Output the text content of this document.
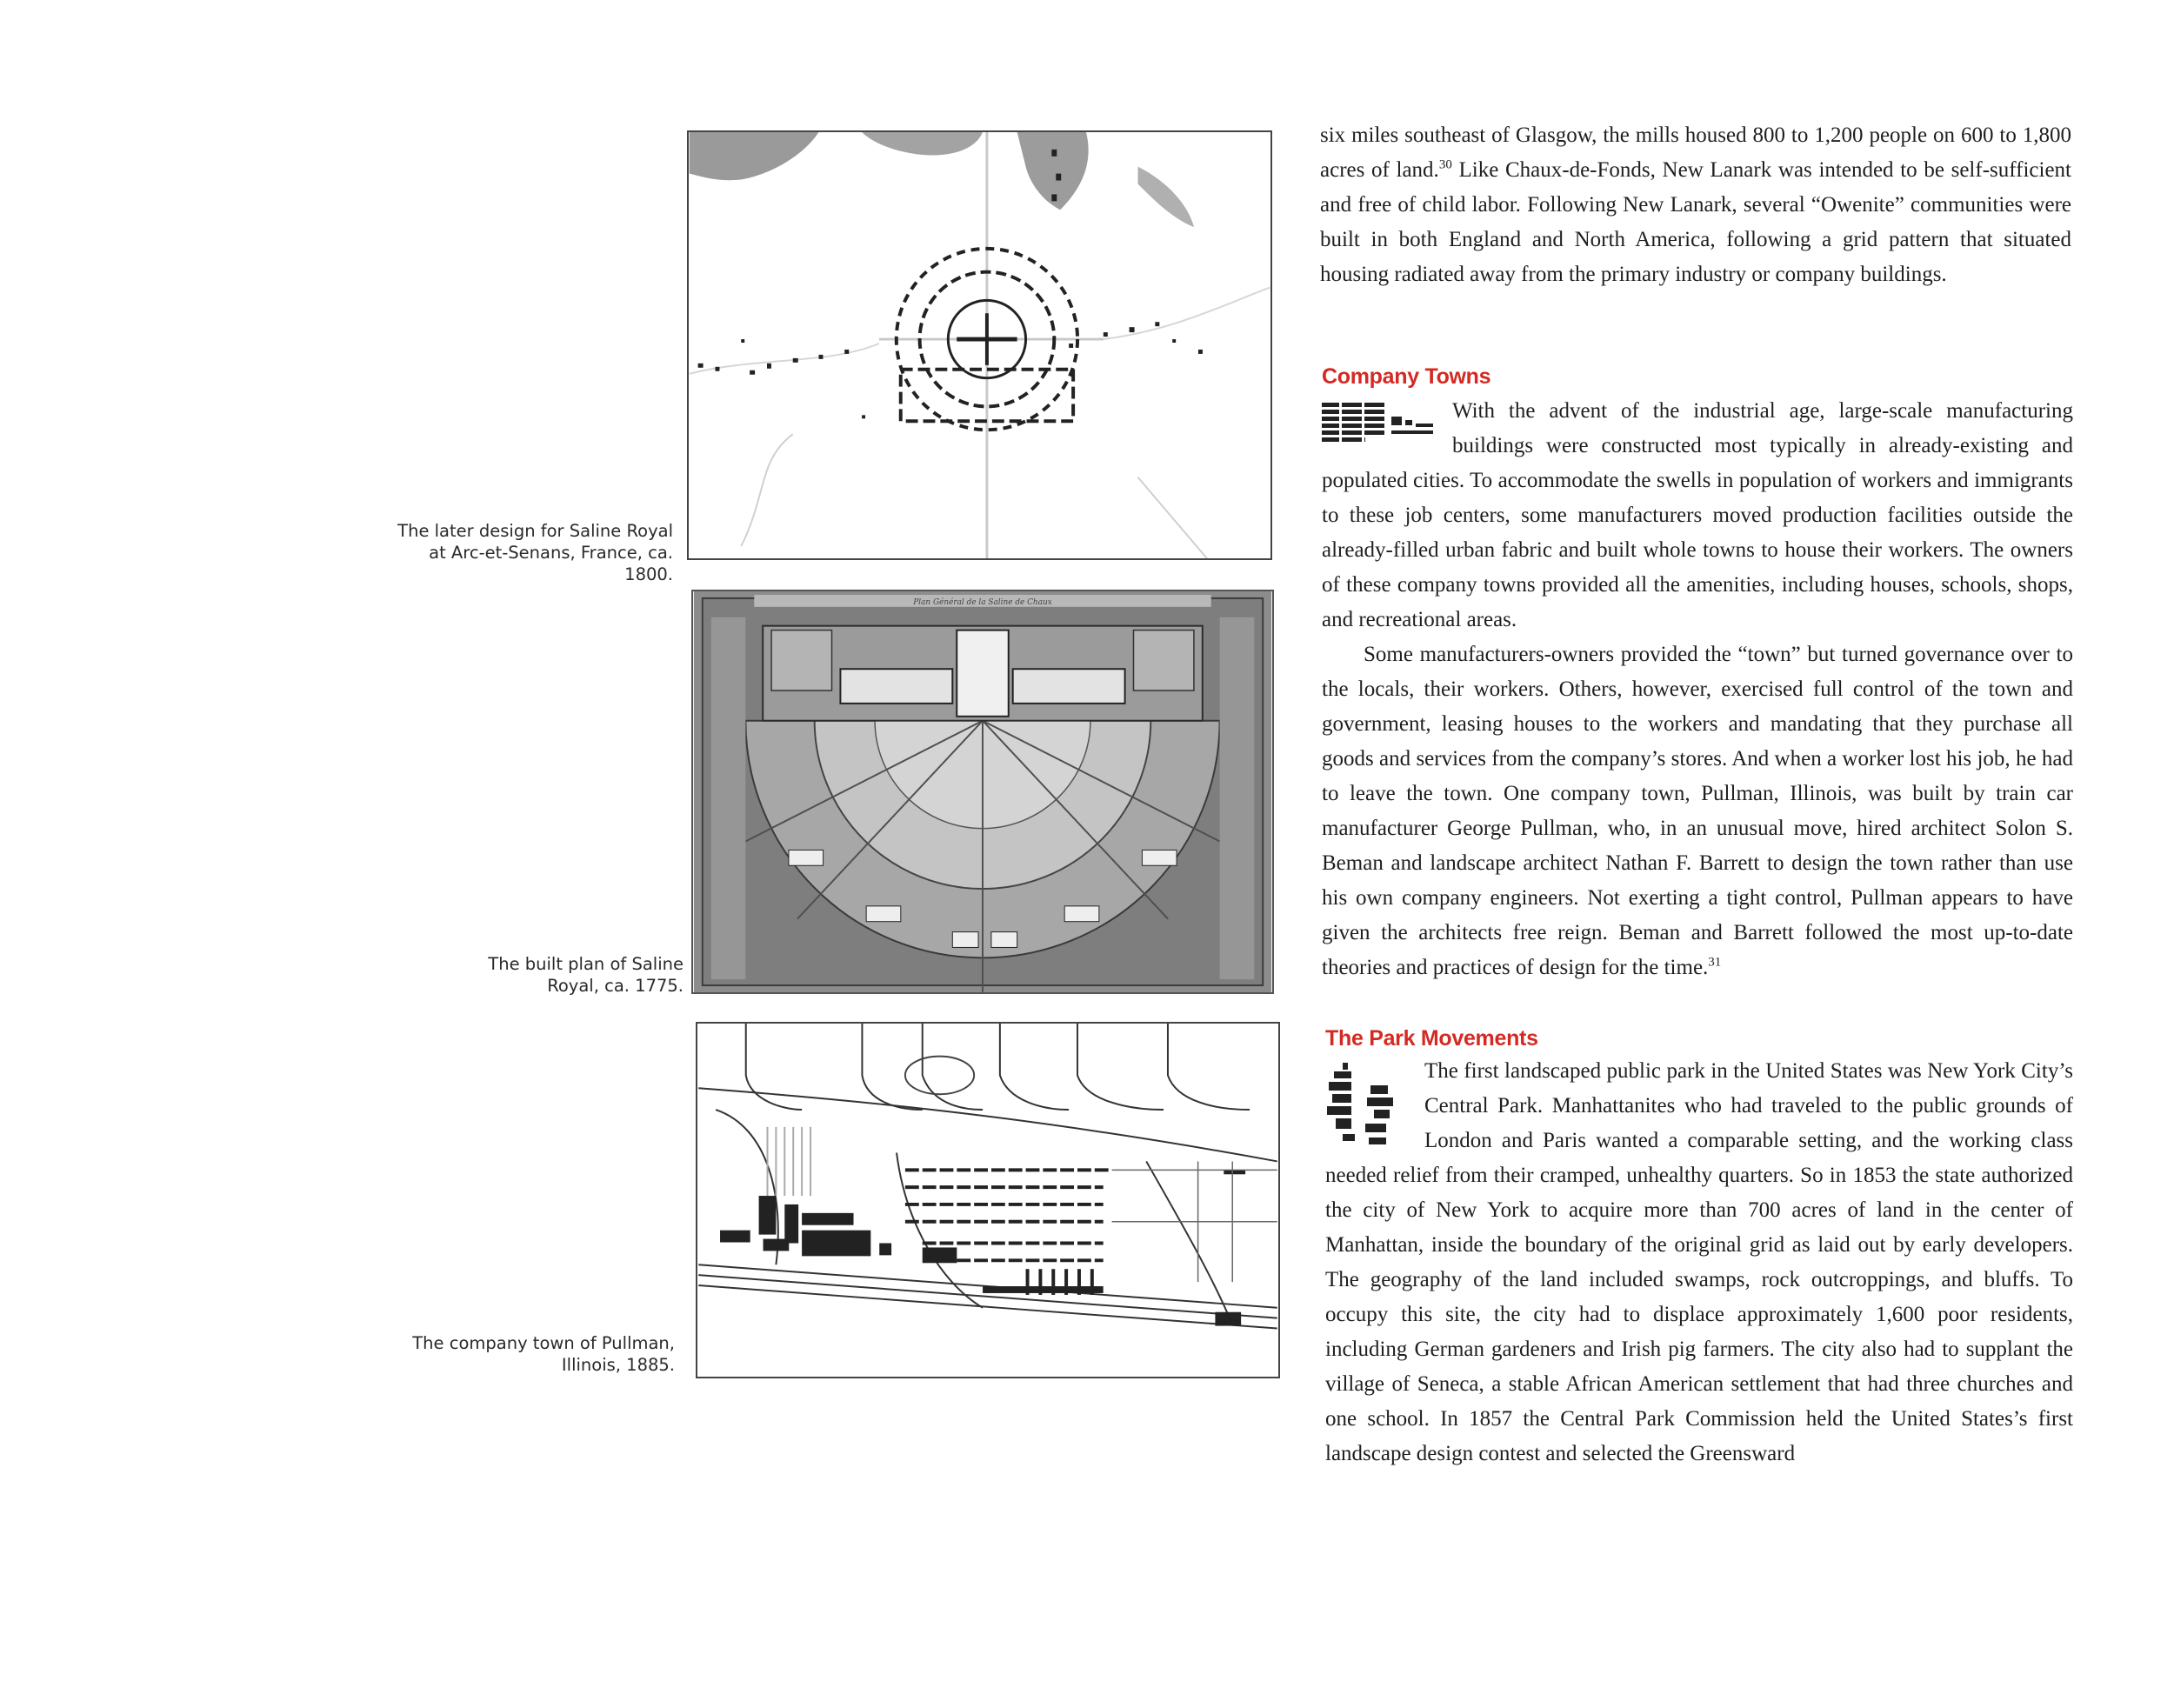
The later design for Saline Royal at Arc-et-Senans, France, ca. 1800.
Plan Général de la Saline de Chaux
The built plan of Saline Royal, ca. 1775.
The company town of Pullman, Illinois, 1885.

six miles southeast of Glasgow, the mills housed 800 to 1,200 people on 600 to 1,800 acres of land.$^{30}$ Like Chaux-de-Fonds, New Lanark was intended to be self-sufficient and free of child labor. Following New Lanark, several “Owenite” communities were built in both England and North America, following a grid pattern that situated housing radiated away from the primary industry or company buildings.

Company Towns

With the advent of the industrial age, large-scale manufacturing buildings were constructed most typically in already-existing and populated cities. To accommodate the swells in population of workers and immigrants to these job centers, some manufacturers moved production facilities outside the already-filled urban fabric and built whole towns to house their workers. The owners of these company towns provided all the amenities, including houses, schools, shops, and recreational areas.

Some manufacturers-owners provided the “town” but turned governance over to the locals, their workers. Others, however, exercised full control of the town and government, leasing houses to the workers and mandating that they purchase all goods and services from the company’s stores. And when a worker lost his job, he had to leave the town. One company town, Pullman, Illinois, was built by train car manufacturer George Pullman, who, in an unusual move, hired architect Solon S. Beman and landscape architect Nathan F. Barrett to design the town rather than use his own company engineers. Not exerting a tight control, Pullman appears to have given the architects free reign. Beman and Barrett followed the most up-to-date theories and practices of design for the time.$^{31}$

The Park Movements

The first landscaped public park in the United States was New York City’s Central Park. Manhattanites who had traveled to the public grounds of London and Paris wanted a comparable setting, and the working class needed relief from their cramped, unhealthy quarters. So in 1853 the state authorized the city of New York to acquire more than 700 acres of land in the center of Manhattan, inside the boundary of the original grid as laid out by early developers. The geography of the land included swamps, rock outcroppings, and bluffs. To occupy this site, the city had to displace approximately 1,600 poor residents, including German gardeners and Irish pig farmers. The city also had to supplant the village of Seneca, a stable African American settlement that had three churches and one school. In 1857 the Central Park Commission held the United States’s first landscape design contest and selected the Greensward
